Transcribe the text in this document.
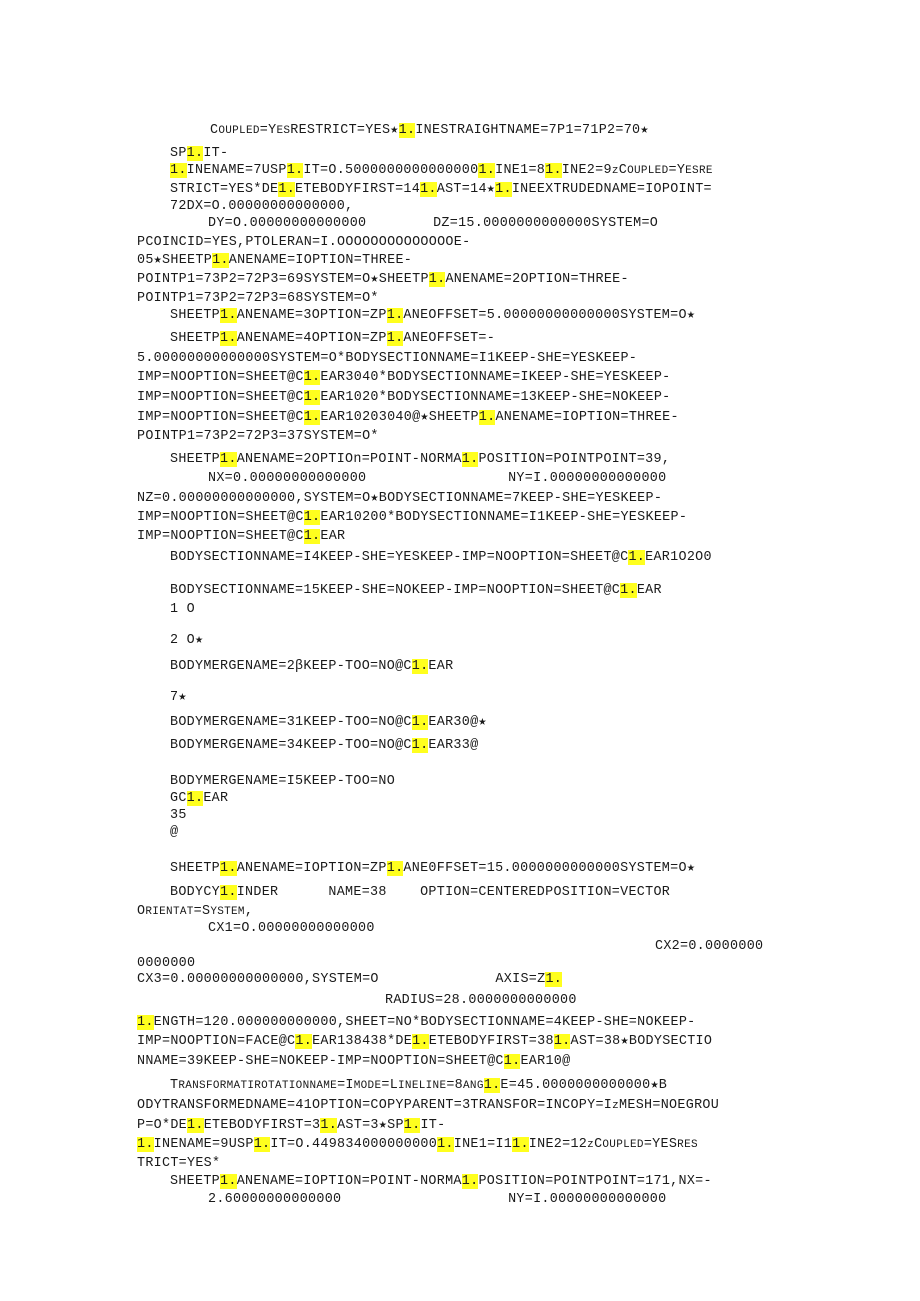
COUPLED=YESRESTRICT=YES★1.INESTRAIGHTNAME=7P1=71P2=70★
SP1.IT-
1.INENAME=7USP1.IT=O.50000000000000001.INE1=81.INE2=9zCOUPLED=YESRE
STRICT=YES*DE1.ETEBODYFIRST=141.AST=14★1.INEEXTRUDEDNAME=IOPOINT=
72DX=O.00000000000000,
DY=O.00000000000000        DZ=15.0000000000000SYSTEM=O
PCOINCID=YES,PTOLERAN=I.OOOOOOOOOOOOOOE-
05★SHEETP1.ANENAME=IOPTION=THREE-
POINTP1=73P2=72P3=69SYSTEM=O★SHEETP1.ANENAME=2OPTION=THREE-
POINTP1=73P2=72P3=68SYSTEM=O*
SHEETP1.ANENAME=3OPTION=ZP1.ANEOFFSET=5.00000000000000SYSTEM=O★
SHEETP1.ANENAME=4OPTION=ZP1.ANEOFFSET=-
5.00000000000000SYSTEM=O*BODYSECTIONNAME=I1KEEP-SHE=YESKEEP-
IMP=NOOPTION=SHEET@C1.EAR3040*BODYSECTIONNAME=IKEEP-SHE=YESKEEP-
IMP=NOOPTION=SHEET@C1.EAR1020*BODYSECTIONNAME=13KEEP-SHE=NOKEEP-
IMP=NOOPTION=SHEET@C1.EAR10203040@★SHEETP1.ANENAME=IOPTION=THREE-
POINTP1=73P2=72P3=37SYSTEM=O*
SHEETP1.ANENAME=2OPTIOn=POINT-NORMA1.POSITION=POINTPOINT=39,
NX=0.00000000000000                 NY=I.00000000000000
NZ=0.00000000000000,SYSTEM=O★BODYSECTIONNAME=7KEEP-SHE=YESKEEP-
IMP=NOOPTION=SHEET@C1.EAR10200*BODYSECTIONNAME=I1KEEP-SHE=YESKEEP-
IMP=NOOPTION=SHEET@C1.EAR
BODYSECTIONNAME=I4KEEP-SHE=YESKEEP-IMP=NOOPTION=SHEET@C1.EAR1O2O0
BODYSECTIONNAME=15KEEP-SHE=NOKEEP-IMP=NOOPTION=SHEET@C1.EAR
1 O
2 O★
BODYMERGENAME=2βKEEP-TOO=NO@C1.EAR
7★
BODYMERGENAME=31KEEP-TOO=NO@C1.EAR30@★
BODYMERGENAME=34KEEP-TOO=NO@C1.EAR33@
BODYMERGENAME=I5KEEP-TOO=NO
GC1.EAR
35
@
SHEETP1.ANENAME=IOPTION=ZP1.ANE0FFSET=15.0000000000000SYSTEM=O★
BODYCY1.INDER      NAME=38    OPTION=CENTEREDPOSITION=VECTOR
ORIENTAT=SYSTEM,
CX1=O.00000000000000
CX2=0.0000000
0000000
CX3=0.00000000000000,SYSTEM=O              AXIS=Z1.
RADIUS=28.0000000000000
1.ENGTH=120.000000000000,SHEET=NO*BODYSECTIONNAME=4KEEP-SHE=NOKEEP-
IMP=NOOPTION=FACE@C1.EAR138438*DE1.ETEBODYFIRST=381.AST=38★BODYSECTIO
NNAME=39KEEP-SHE=NOKEEP-IMP=NOOPTION=SHEET@C1.EAR10@
TRANSFORMATIROTATIONNAME=IMODE=LINELINE=8ANG1.E=45.0000000000000★B
ODYTRANSFORMEDNAME=41OPTION=COPYPARENT=3TRANSFOR=INCOPY=IzMESH=NOEGROU
P=O*DE1.ETEBODYFIRST=31.AST=3★SP1.IT-
1.INENAME=9USP1.IT=O.4498340000000001.INE1=I11.INE2=12zCOUPLED=YESRES
TRICT=YES*
SHEETP1.ANENAME=IOPTION=POINT-NORMA1.POSITION=POINTPOINT=171,NX=-
2.60000000000000                    NY=I.00000000000000
